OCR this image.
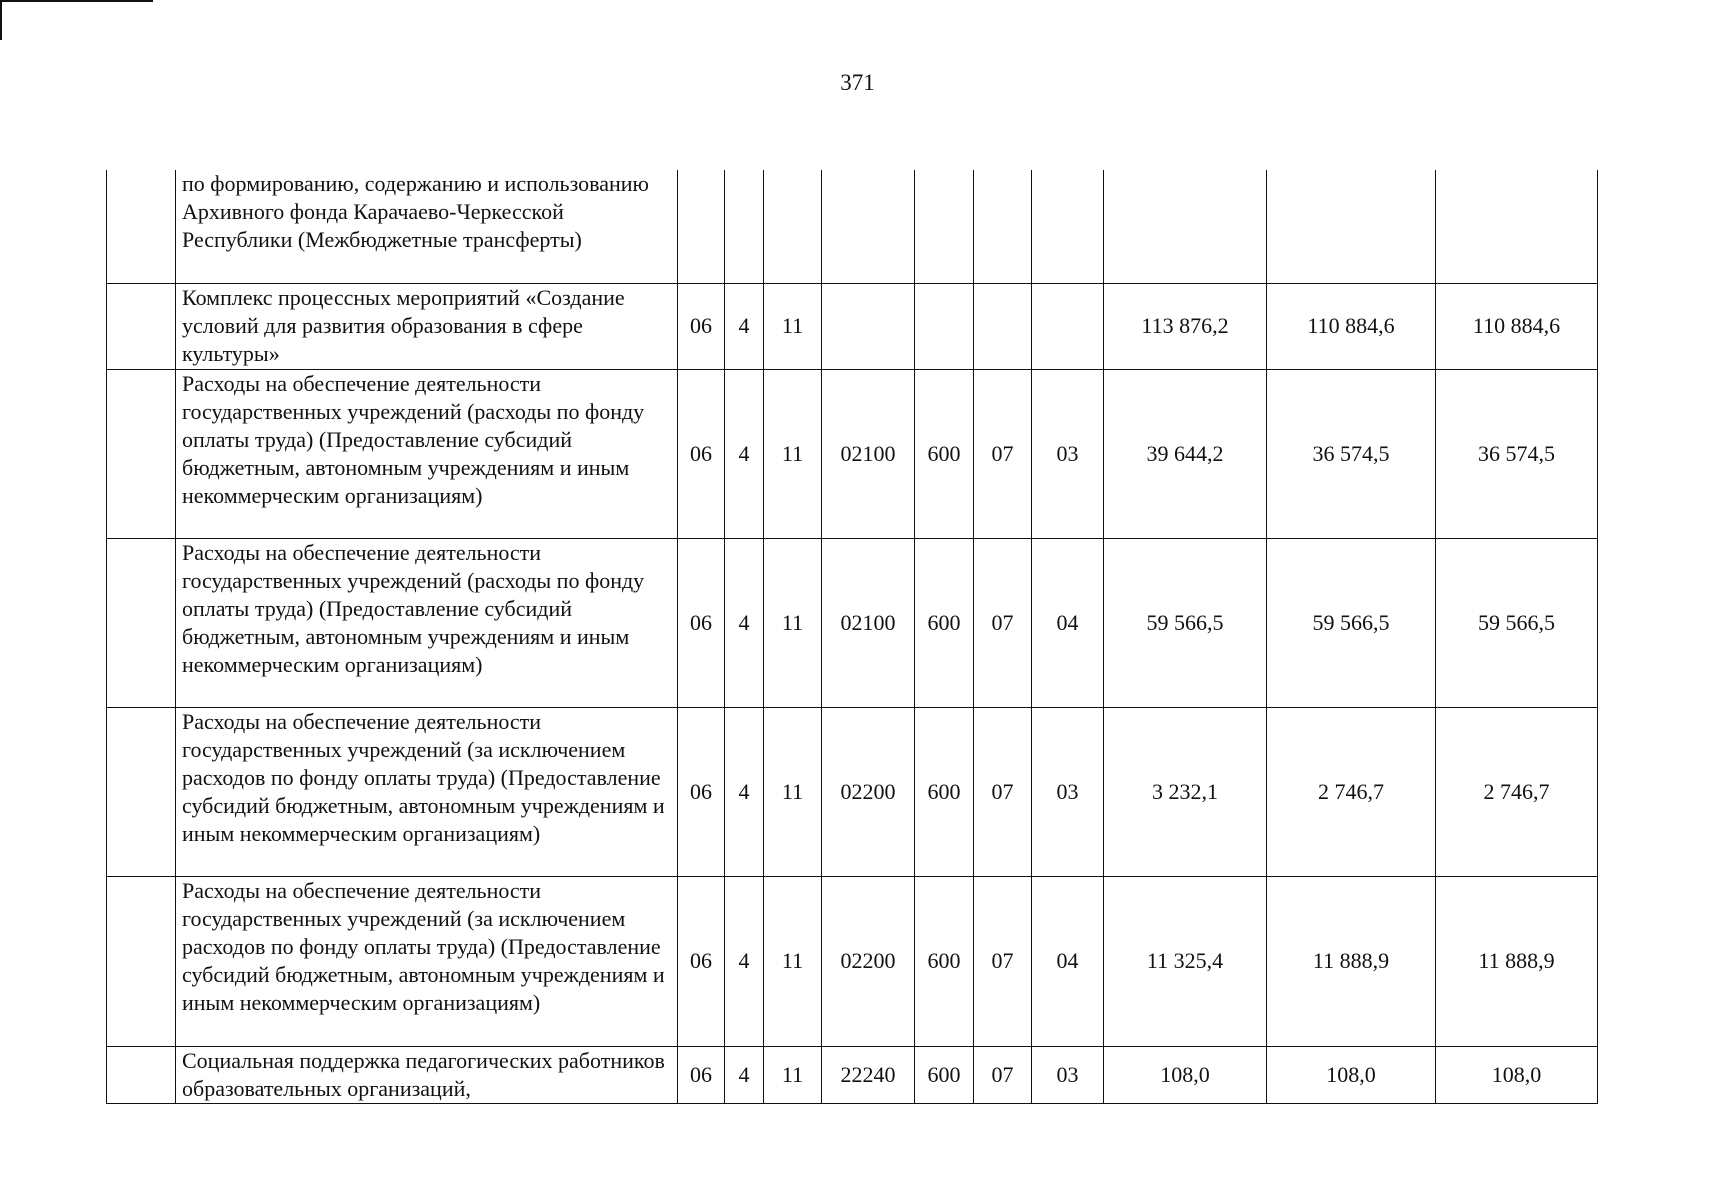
371
	по формированию, содержанию и использованию Архивного фонда Карачаево-Черкесской Республики (Межбюджетные трансферты)										
	Комплекс процессных мероприятий «Создание условий для развития образования в сфере культуры»	06	4	11					113 876,2	110 884,6	110 884,6
	Расходы на обеспечение деятельности государственных учреждений (расходы по фонду оплаты труда) (Предоставление субсидий бюджетным, автономным учреждениям и иным некоммерческим организациям)	06	4	11	02100	600	07	03	39 644,2	36 574,5	36 574,5
	Расходы на обеспечение деятельности государственных учреждений (расходы по фонду оплаты труда) (Предоставление субсидий бюджетным, автономным учреждениям и иным некоммерческим организациям)	06	4	11	02100	600	07	04	59 566,5	59 566,5	59 566,5
	Расходы на обеспечение деятельности государственных учреждений (за исключением расходов по фонду оплаты труда) (Предоставление субсидий бюджетным, автономным учреждениям и иным некоммерческим организациям)	06	4	11	02200	600	07	03	3 232,1	2 746,7	2 746,7
	Расходы на обеспечение деятельности государственных учреждений (за исключением расходов по фонду оплаты труда) (Предоставление субсидий бюджетным, автономным учреждениям и иным некоммерческим организациям)	06	4	11	02200	600	07	04	11 325,4	11 888,9	11 888,9
	Социальная поддержка педагогических работников образовательных организаций,	06	4	11	22240	600	07	03	108,0	108,0	108,0
